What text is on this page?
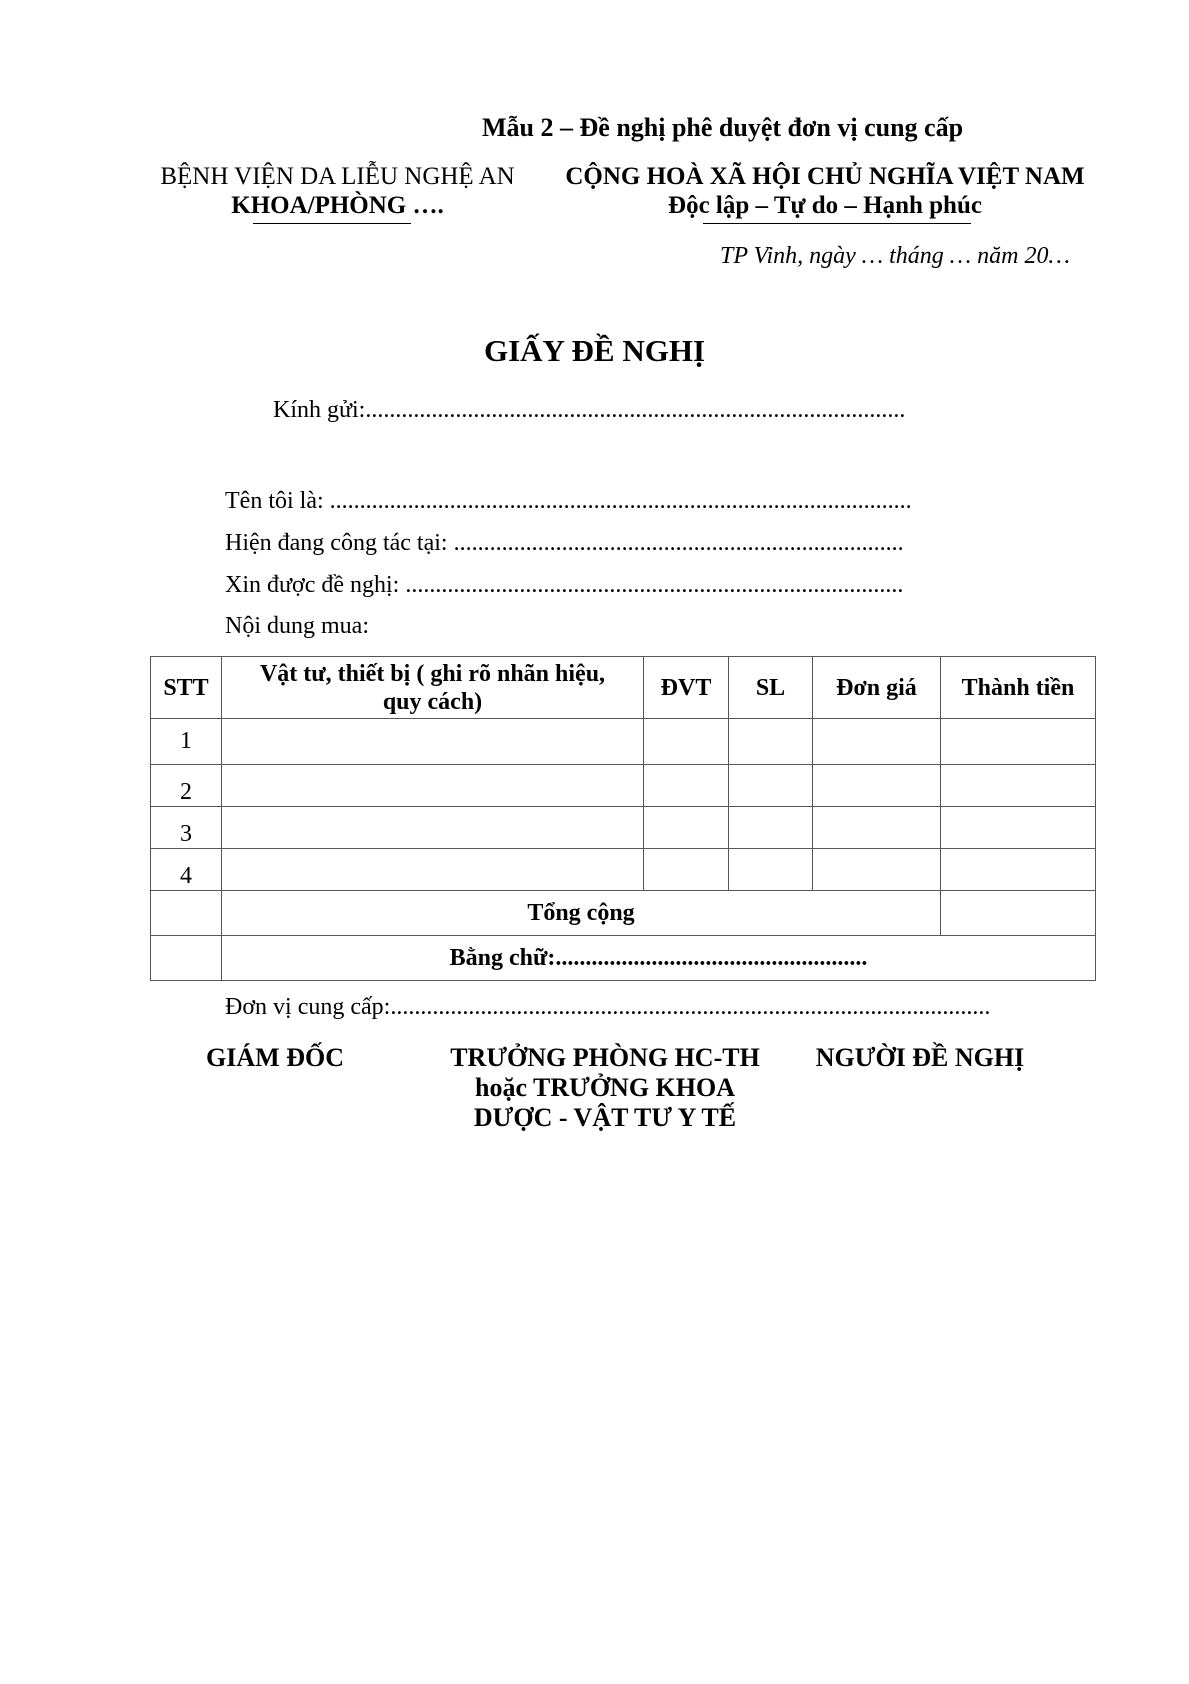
Mẫu 2 – Đề nghị phê duyệt đơn vị cung cấp
BỆNH VIỆN DA LIỄU NGHỆ AN
KHOA/PHÒNG ….
CỘNG HOÀ XÃ HỘI CHỦ NGHĨA VIỆT NAM
Độc lập – Tự do – Hạnh phúc
TP Vinh, ngày … tháng … năm 20…
GIẤY ĐỀ NGHỊ
Kính gửi:..........................................................................................
Tên tôi là: .................................................................................................
Hiện đang công tác tại: ...........................................................................
Xin được đề nghị: ...................................................................................
Nội dung mua:
STT	Vật tư, thiết bị ( ghi rõ nhãn hiệu,
quy cách)	ĐVT	SL	Đơn giá	Thành tiền
1					
2					
3					
4					
	Tổng cộng				
	Bằng chữ:....................................................				
Đơn vị cung cấp:....................................................................................................
GIÁM ĐỐC	TRƯỞNG PHÒNG HC-TH
hoặc TRƯỞNG KHOA
DƯỢC - VẬT TƯ Y TẾ
NGƯỜI ĐỀ NGHỊ
